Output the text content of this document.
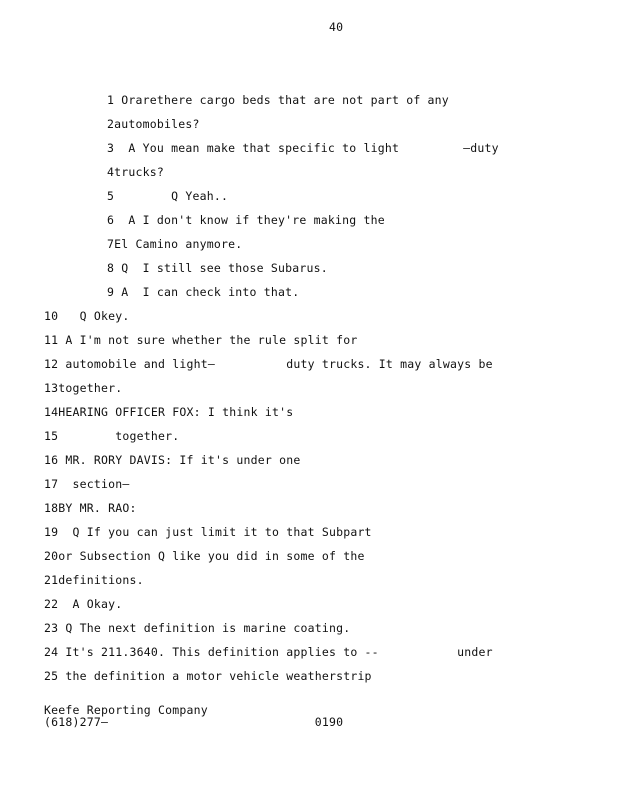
40
1 Orarethere cargo beds that are not part of any
2automobiles?
3  A You mean make that specific to light         –duty
4trucks?
5        Q Yeah..
6  A I don't know if they're making the
7El Camino anymore.
8 Q  I still see those Subarus.
9 A  I can check into that.
10   Q Okey.
11 A I'm not sure whether the rule split for
12 automobile and light–          duty trucks. It may always be
13together.
14HEARING OFFICER FOX: I think it's
15        together.
16 MR. RORY DAVIS: If it's under one
17  section—
18BY MR. RAO:
19  Q If you can just limit it to that Subpart
20or Subsection Q like you did in some of the
21definitions.
22  A Okay.
23 Q The next definition is marine coating.
24 It's 211.3640. This definition applies to --           under
25 the definition a motor vehicle weatherstrip
Keefe Reporting Company
(618)277–                             0190
